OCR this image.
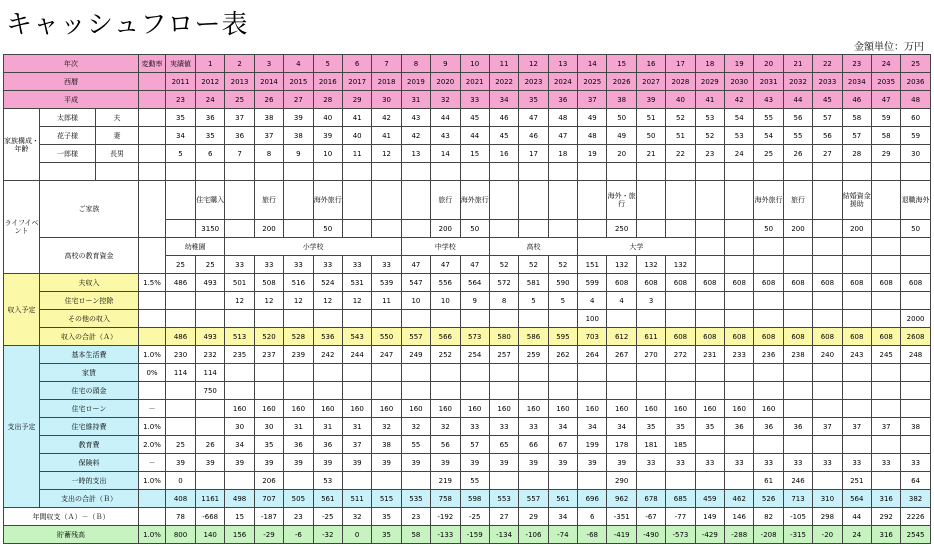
キャッシュフロー表
金額単位：万円
年次			変動率	実績値	1	2	3	4	5	6	7	8	9	10	11	12	13	14	15	16	17	18	19	20	21	22	23	24	25
西暦				2011	2012	2013	2014	2015	2016	2017	2018	2019	2020	2021	2022	2023	2024	2025	2026	2027	2028	2029	2030	2031	2032	2033	2034	2035	2036
平成				23	24	25	26	27	28	29	30	31	32	33	34	35	36	37	38	39	40	41	42	43	44	45	46	47	48
家族構成・年齢	太郎様	夫		35	36	37	38	39	40	41	42	43	44	45	46	47	48	49	50	51	52	53	54	55	56	57	58	59	60
	花子様	妻		34	35	36	37	38	39	40	41	42	43	44	45	46	47	48	49	50	51	52	53	54	55	56	57	58	59
	一郎様	長男		5	6	7	8	9	10	11	12	13	14	15	16	17	18	19	20	21	22	23	24	25	26	27	28	29	30

ライフイベント	ご家族				住宅購入		旅行		海外旅行				旅行	海外旅行					海外・旅行					海外旅行	旅行		結婚資金援助		退職海外
					3150		200		50				200	50					250					50	200		200		50
	高校の教育資金			幼稚園		小学校						中学校			高校			大学											
				25	25	33	33	33	33	33	33	47	47	47	52	52	52	151	132	132	132								
収入予定	夫収入		1.5%	486	493	501	508	516	524	531	539	547	556	564	572	581	590	599	608	608	608	608	608	608	608	608	608	608	608
	住宅ローン控除					12	12	12	12	12	11	10	10	9	8	5	5	4	4	3									
	その他の収入																	100											2000
	収入の合計（Ａ）			486	493	513	520	528	536	543	550	557	566	573	580	586	595	703	612	611	608	608	608	608	608	608	608	608	2608
支出予定	基本生活費		1.0%	230	232	235	237	239	242	244	247	249	252	254	257	259	262	264	267	270	272	231	233	236	238	240	243	245	248
	家賃		0%	114	114																								
	住宅の頭金				750																								
	住宅ローン		－			160	160	160	160	160	160	160	160	160	160	160	160	160	160	160	160	160	160	160					
	住宅維持費		1.0%			30	30	31	31	31	32	32	32	33	33	33	34	34	34	35	35	35	36	36	36	37	37	37	38
	教育費		2.0%	25	26	34	35	36	36	37	38	55	56	57	65	66	67	199	178	181	185								
	保険料		－	39	39	39	39	39	39	39	39	39	39	39	39	39	39	39	39	33	33	33	33	33	33	33	33	33	33
	一時的支出		1.0%	0			206		53				219	55					290					61	246		251		64
	支出の合計（Ｂ）			408	1161	498	707	505	561	511	515	535	758	598	553	557	561	696	962	678	685	459	462	526	713	310	564	316	382
年間収支（Ａ）－（Ｂ）				78	-668	15	-187	23	-25	32	35	23	-192	-25	27	29	34	6	-351	-67	-77	149	146	82	-105	298	44	292	2226
貯蓄残高			1.0%	800	140	156	-29	-6	-32	0	35	58	-133	-159	-134	-106	-74	-68	-419	-490	-573	-429	-288	-208	-315	-20	24	316	2545
